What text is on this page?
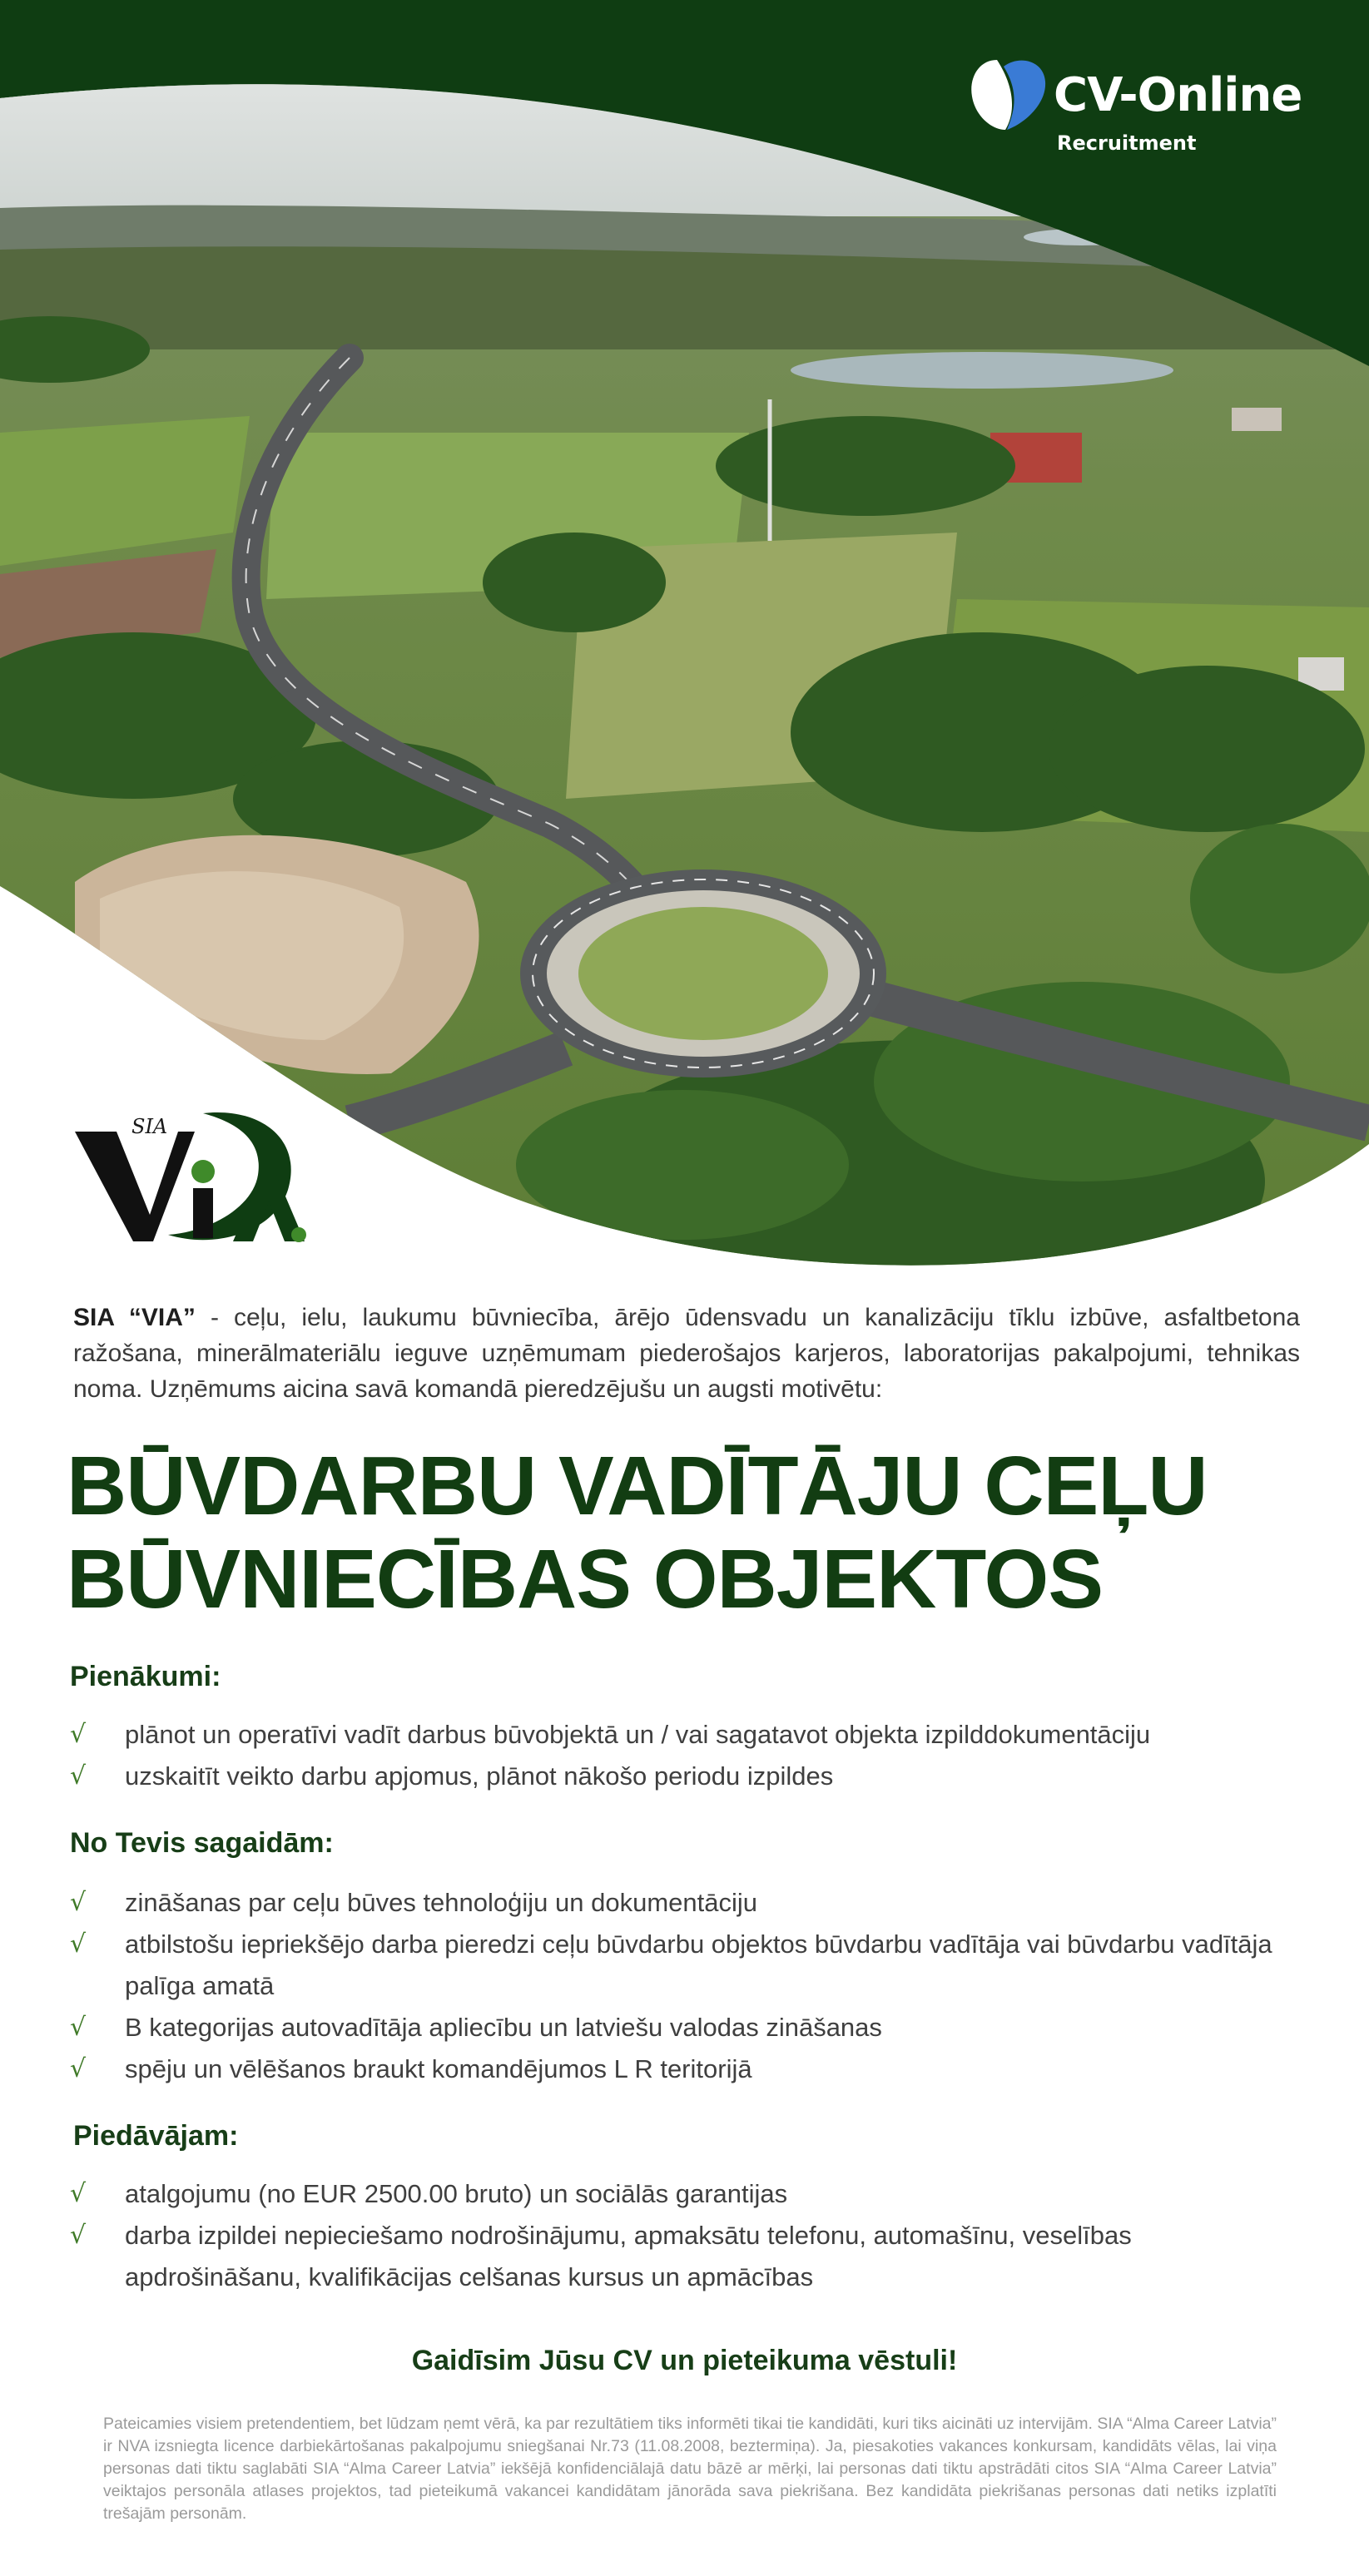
CV-Online
Recruitment
SIA

SIA “VIA” - ceļu, ielu, laukumu būvniecība, ārējo ūdensvadu un kanalizāciju tīklu izbūve, asfaltbetona ražošana, minerālmateriālu ieguve uzņēmumam piederošajos karjeros, laboratorijas pakalpojumi, tehnikas noma. Uzņēmums aicina savā komandā pieredzējušu un augsti motivētu:

BŪVDARBU VADĪTĀJU CEĻU
BŪVNIECĪBAS OBJEKTOS
Pienākumi:
√ plānot un operatīvi vadīt darbus būvobjektā un / vai sagatavot objekta izpilddokumentāciju
√ uzskaitīt veikto darbu apjomus, plānot nākošo periodu izpildes
No Tevis sagaidām:
√ zināšanas par ceļu būves tehnoloģiju un dokumentāciju
√ atbilstošu iepriekšējo darba pieredzi ceļu būvdarbu objektos būvdarbu vadītāja vai būvdarbu vadītāja palīga amatā
√ B kategorijas autovadītāja apliecību un latviešu valodas zināšanas
√ spēju un vēlēšanos braukt komandējumos L R teritorijā
Piedāvājam:
√ atalgojumu (no EUR 2500.00 bruto) un sociālās garantijas
√ darba izpildei nepieciešamo nodrošinājumu, apmaksātu telefonu, automašīnu, veselības apdrošināšanu, kvalifikācijas celšanas kursus un apmācības
Gaidīsim Jūsu CV un pieteikuma vēstuli!

Pateicamies visiem pretendentiem, bet lūdzam ņemt vērā, ka par rezultātiem tiks informēti tikai tie kandidāti, kuri tiks aicināti uz intervijām. SIA “Alma Career Latvia” ir NVA izsniegta licence darbiekārtošanas pakalpojumu sniegšanai Nr.73 (11.08.2008, beztermiņa). Ja, piesakoties vakances konkursam, kandidāts vēlas, lai viņa personas dati tiktu saglabāti SIA “Alma Career Latvia” iekšējā konfidenciālajā datu bāzē ar mērķi, lai personas dati tiktu apstrādāti citos SIA “Alma Career Latvia” veiktajos personāla atlases projektos, tad pieteikumā vakancei kandidātam jānorāda sava piekrišana. Bez kandidāta piekrišanas personas dati netiks izplatīti trešajām personām.
